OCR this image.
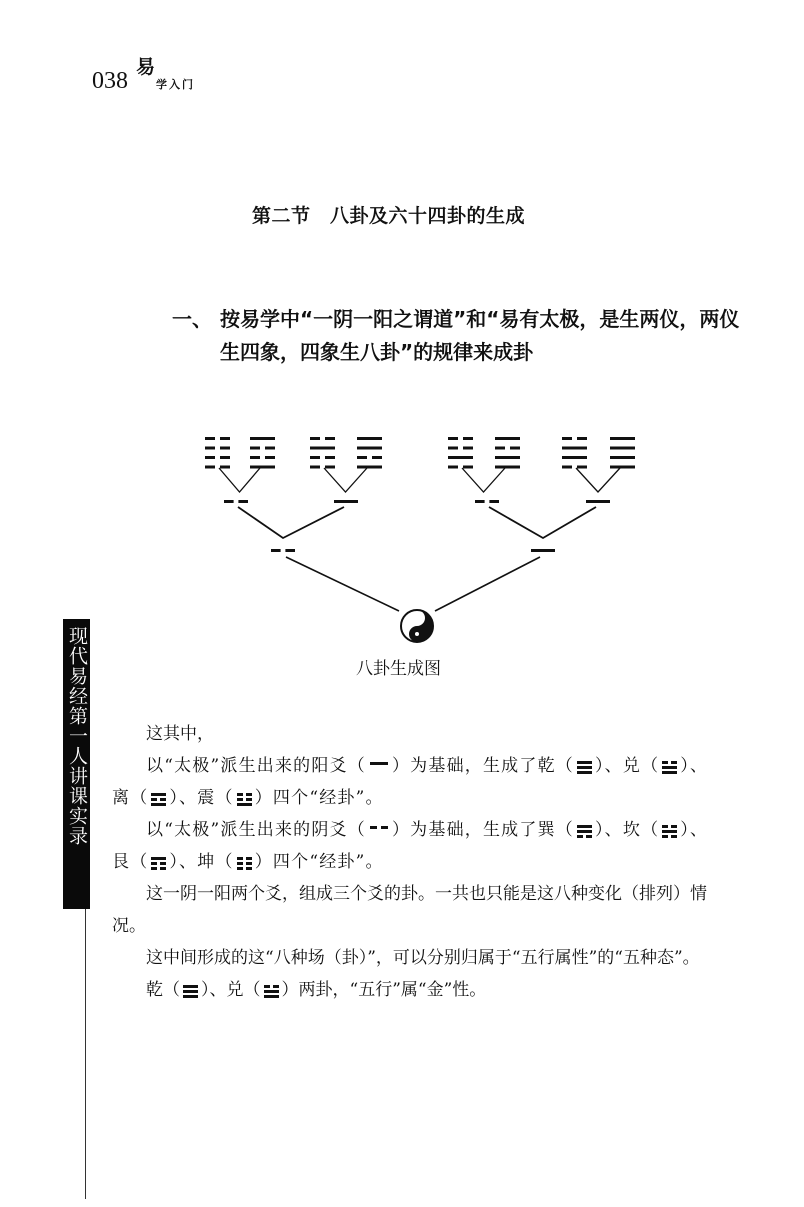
038
易
学入门
第二节　八卦及六十四卦的生成
一、 按易学中“一阴一阳之谓道”和“易有太极，是生两仪，两仪生四象，四象生八卦”的规律来成卦
八卦生成图
这其中，
以“太极”派生出来的阳爻（ ）为基础，生成了乾（ ）、兑（ ）、离（ ）、震（ ）四个“经卦”。
以“太极”派生出来的阴爻（ ）为基础，生成了巽（ ）、坎（ ）、艮（ ）、坤（ ）四个“经卦”。
这一阴一阳两个爻，组成三个爻的卦。一共也只能是这八种变化（排列）情况。
这中间形成的这“八种场（卦）”，可以分别归属于“五行属性”的“五种态”。
乾（ ）、兑（ ）两卦，“五行”属“金”性。
现代易经第一人讲课实录
